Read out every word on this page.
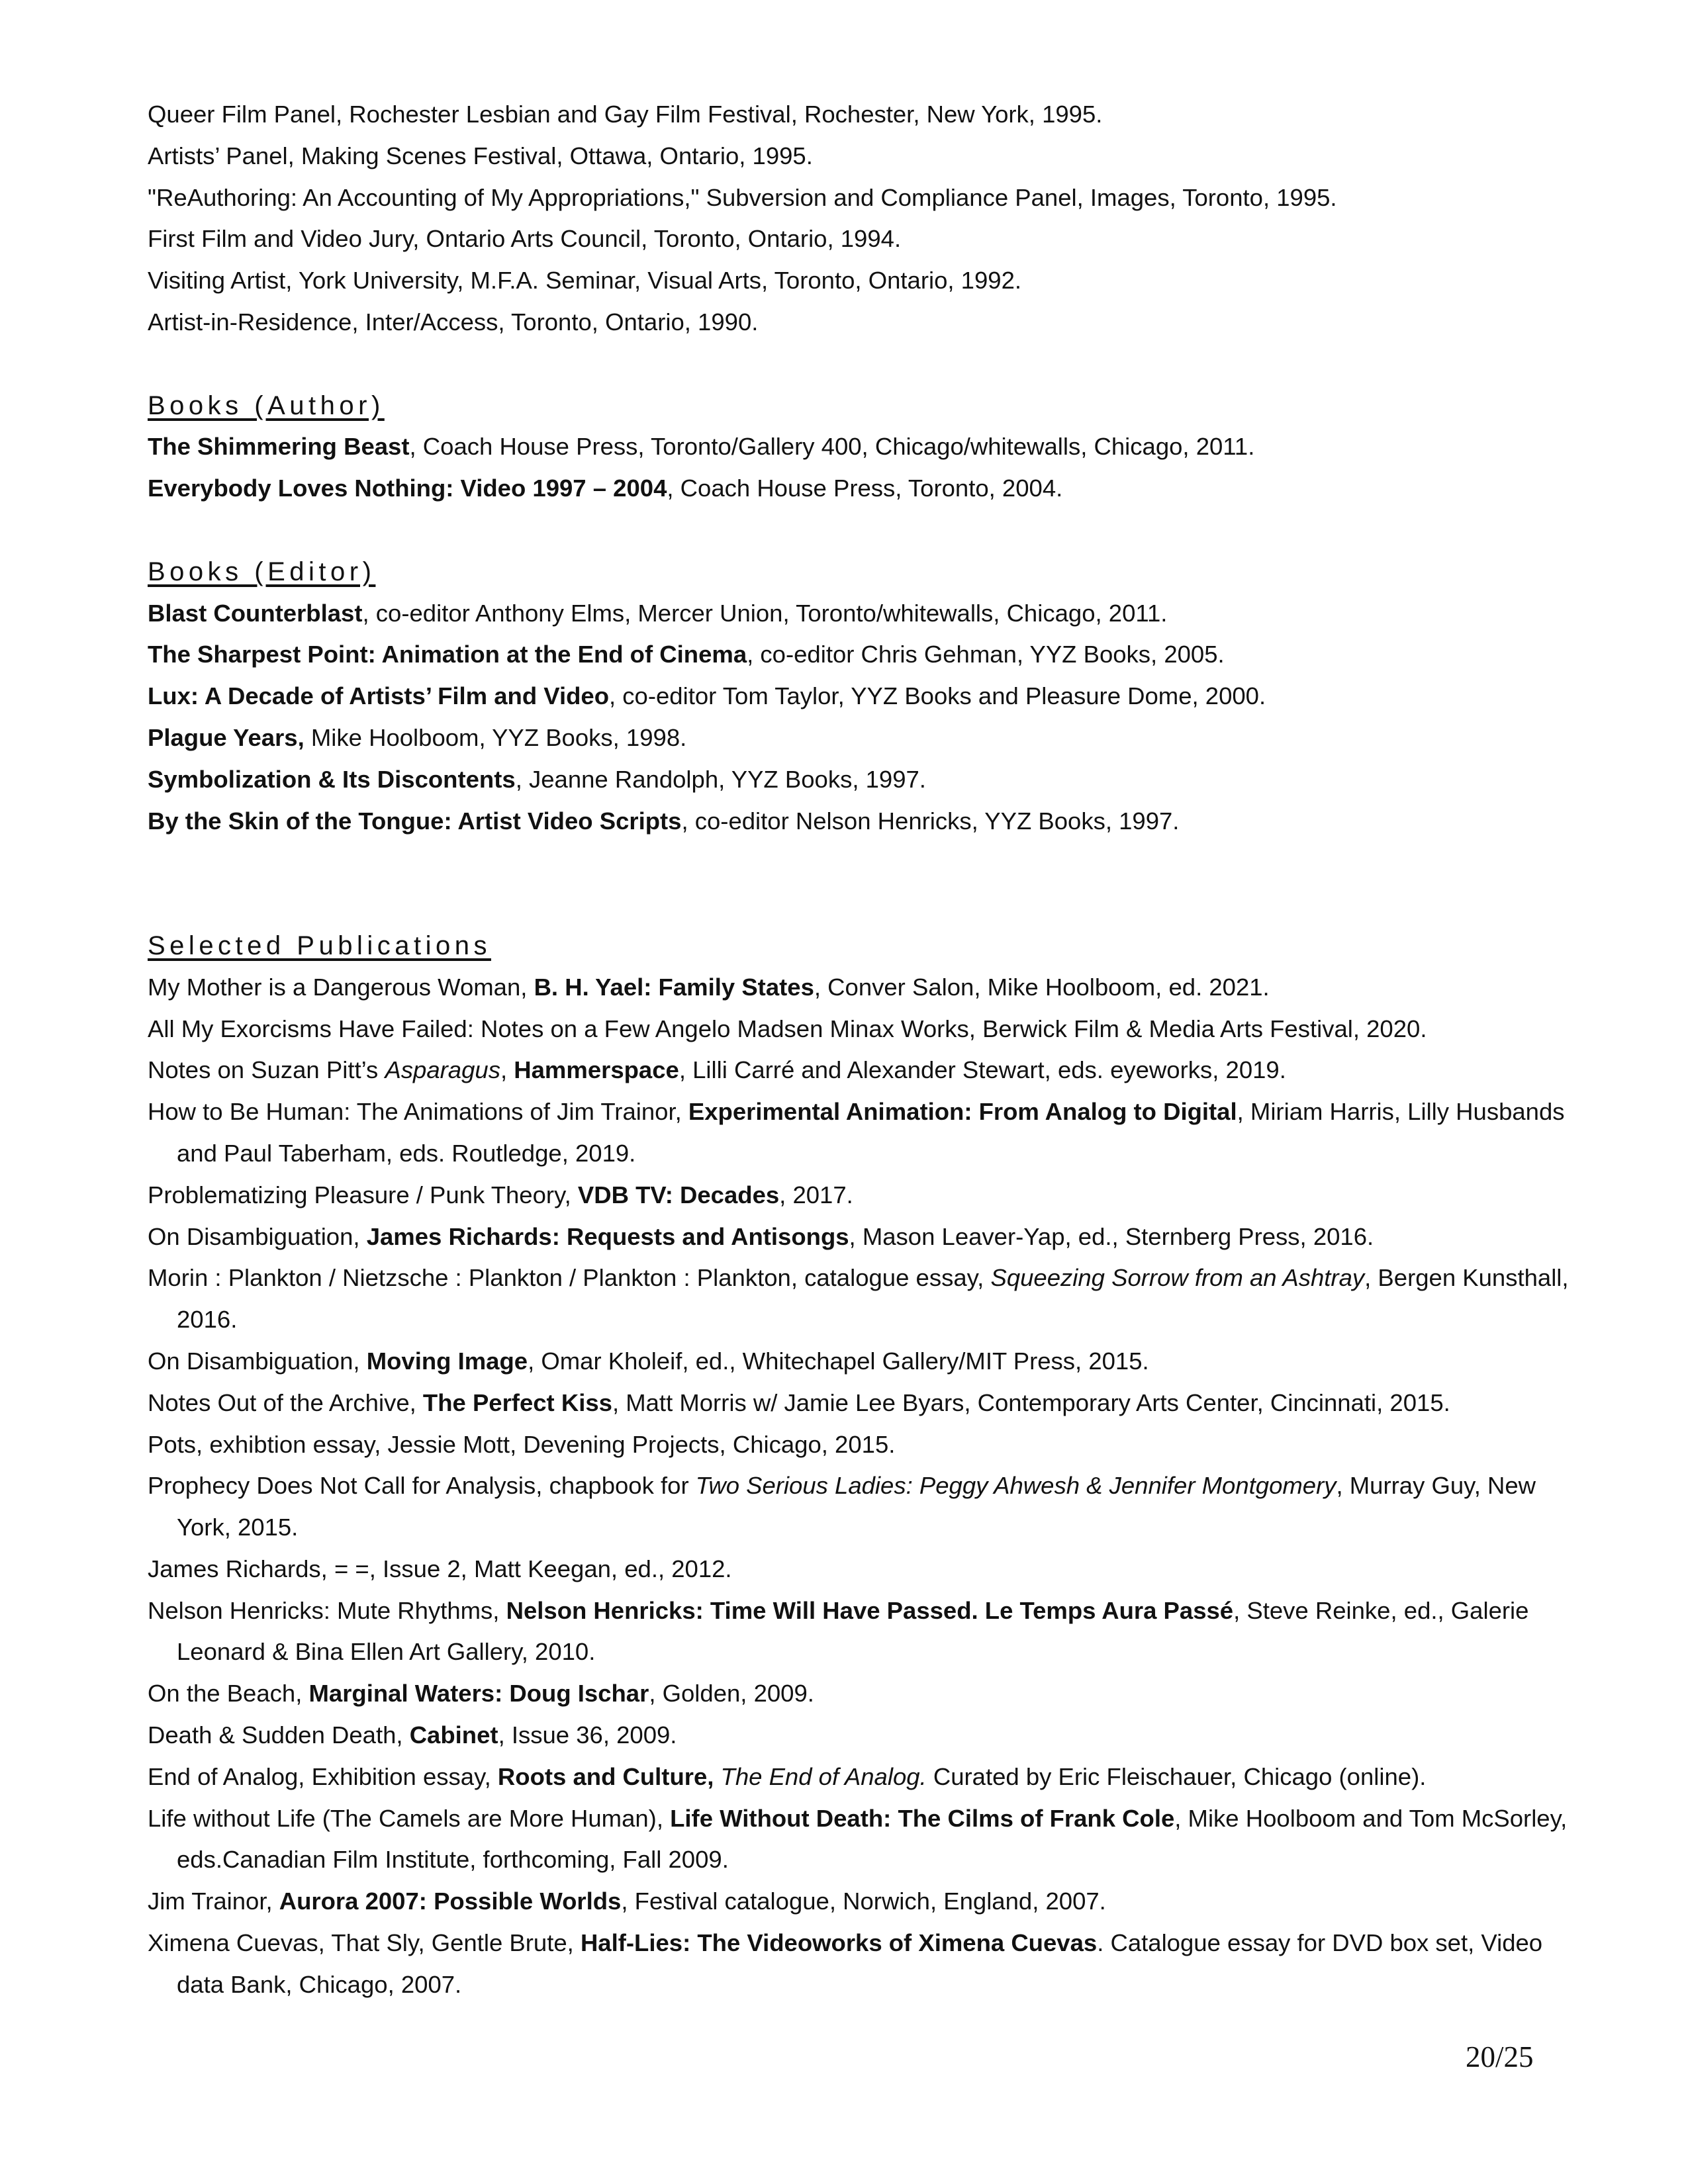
Queer Film Panel, Rochester Lesbian and Gay Film Festival, Rochester, New York, 1995.
Artists’ Panel, Making Scenes Festival, Ottawa, Ontario, 1995.
"ReAuthoring: An Accounting of My Appropriations," Subversion and Compliance Panel, Images, Toronto, 1995.
First Film and Video Jury, Ontario Arts Council, Toronto, Ontario, 1994.
Visiting Artist, York University, M.F.A. Seminar, Visual Arts, Toronto, Ontario, 1992.
Artist-in-Residence, Inter/Access, Toronto, Ontario, 1990.
Books (Author)
The Shimmering Beast, Coach House Press, Toronto/Gallery 400, Chicago/whitewalls, Chicago, 2011.
Everybody Loves Nothing: Video 1997 – 2004, Coach House Press, Toronto, 2004.
Books (Editor)
Blast Counterblast, co-editor Anthony Elms, Mercer Union, Toronto/whitewalls, Chicago, 2011.
The Sharpest Point: Animation at the End of Cinema, co-editor Chris Gehman, YYZ Books, 2005.
Lux: A Decade of Artists’ Film and Video, co-editor Tom Taylor, YYZ Books and Pleasure Dome, 2000.
Plague Years, Mike Hoolboom, YYZ Books, 1998.
Symbolization & Its Discontents, Jeanne Randolph, YYZ Books, 1997.
By the Skin of the Tongue: Artist Video Scripts, co-editor Nelson Henricks, YYZ Books, 1997.
Selected Publications
My Mother is a Dangerous Woman, B. H. Yael: Family States, Conver Salon, Mike Hoolboom, ed. 2021.
All My Exorcisms Have Failed: Notes on a Few Angelo Madsen Minax Works, Berwick Film & Media Arts Festival, 2020.
Notes on Suzan Pitt’s Asparagus, Hammerspace, Lilli Carré and Alexander Stewart, eds. eyeworks, 2019.
How to Be Human: The Animations of Jim Trainor, Experimental Animation: From Analog to Digital, Miriam Harris, Lilly Husbands and Paul Taberham, eds. Routledge, 2019.
Problematizing Pleasure / Punk Theory, VDB TV: Decades, 2017.
On Disambiguation, James Richards: Requests and Antisongs, Mason Leaver-Yap, ed., Sternberg Press, 2016.
Morin : Plankton / Nietzsche : Plankton / Plankton : Plankton, catalogue essay, Squeezing Sorrow from an Ashtray, Bergen Kunsthall, 2016.
On Disambiguation, Moving Image, Omar Kholeif, ed., Whitechapel Gallery/MIT Press, 2015.
Notes Out of the Archive, The Perfect Kiss, Matt Morris w/ Jamie Lee Byars, Contemporary Arts Center, Cincinnati, 2015.
Pots, exhibtion essay, Jessie Mott, Devening Projects, Chicago, 2015.
Prophecy Does Not Call for Analysis, chapbook for Two Serious Ladies: Peggy Ahwesh & Jennifer Montgomery, Murray Guy, New York, 2015.
James Richards, = =, Issue 2, Matt Keegan, ed., 2012.
Nelson Henricks: Mute Rhythms, Nelson Henricks: Time Will Have Passed. Le Temps Aura Passé, Steve Reinke, ed., Galerie Leonard & Bina Ellen Art Gallery, 2010.
On the Beach, Marginal Waters: Doug Ischar, Golden, 2009.
Death & Sudden Death, Cabinet, Issue 36, 2009.
End of Analog, Exhibition essay, Roots and Culture, The End of Analog. Curated by Eric Fleischauer, Chicago (online).
Life without Life (The Camels are More Human), Life Without Death: The Cilms of Frank Cole, Mike Hoolboom and Tom McSorley, eds.Canadian Film Institute, forthcoming, Fall 2009.
Jim Trainor, Aurora 2007: Possible Worlds, Festival catalogue, Norwich, England, 2007.
Ximena Cuevas, That Sly, Gentle Brute, Half-Lies: The Videoworks of Ximena Cuevas. Catalogue essay for DVD box set, Video data Bank, Chicago, 2007.
20/25
